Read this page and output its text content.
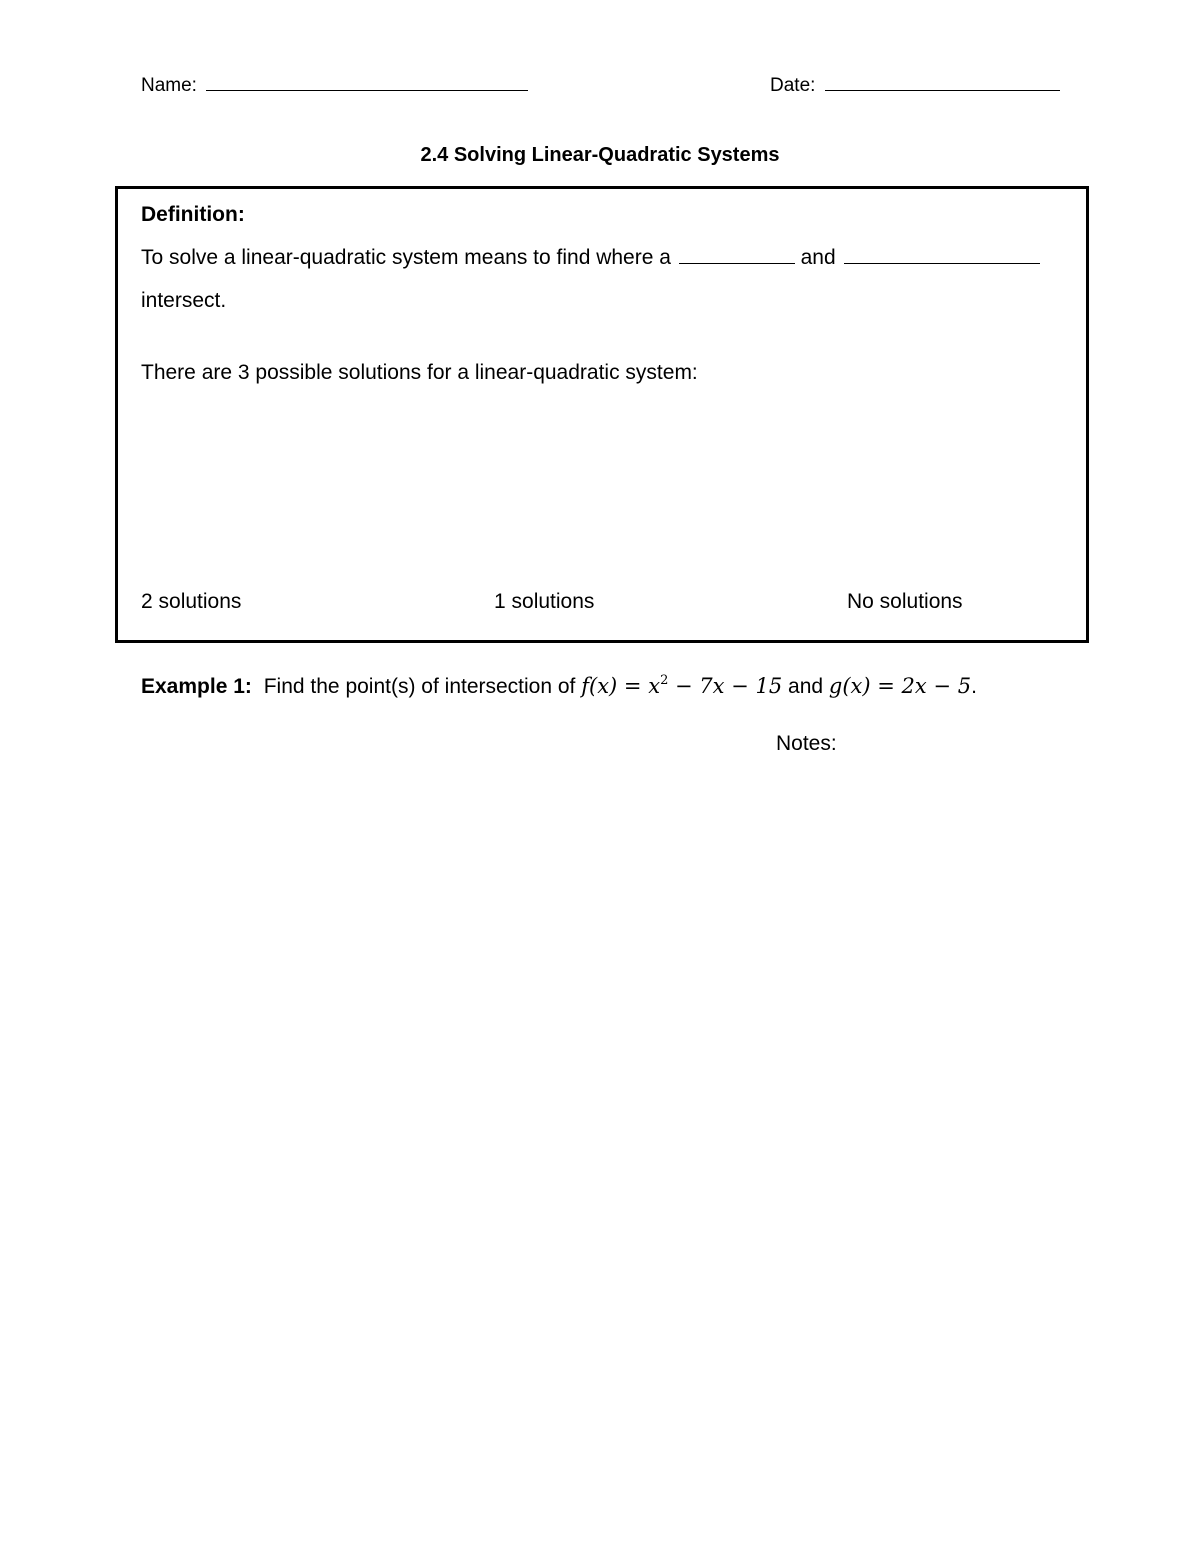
Name:	Date:
2.4 Solving Linear-Quadratic Systems
Definition:
To solve a linear-quadratic system means to find where a	and
intersect.
There are 3 possible solutions for a linear-quadratic system:
2 solutions	1 solutions	No solutions
Example 1: Find the point(s) of intersection of $f(x) = x^2 - 7x - 15$ and g(x) = 2x − 5.
Notes:
